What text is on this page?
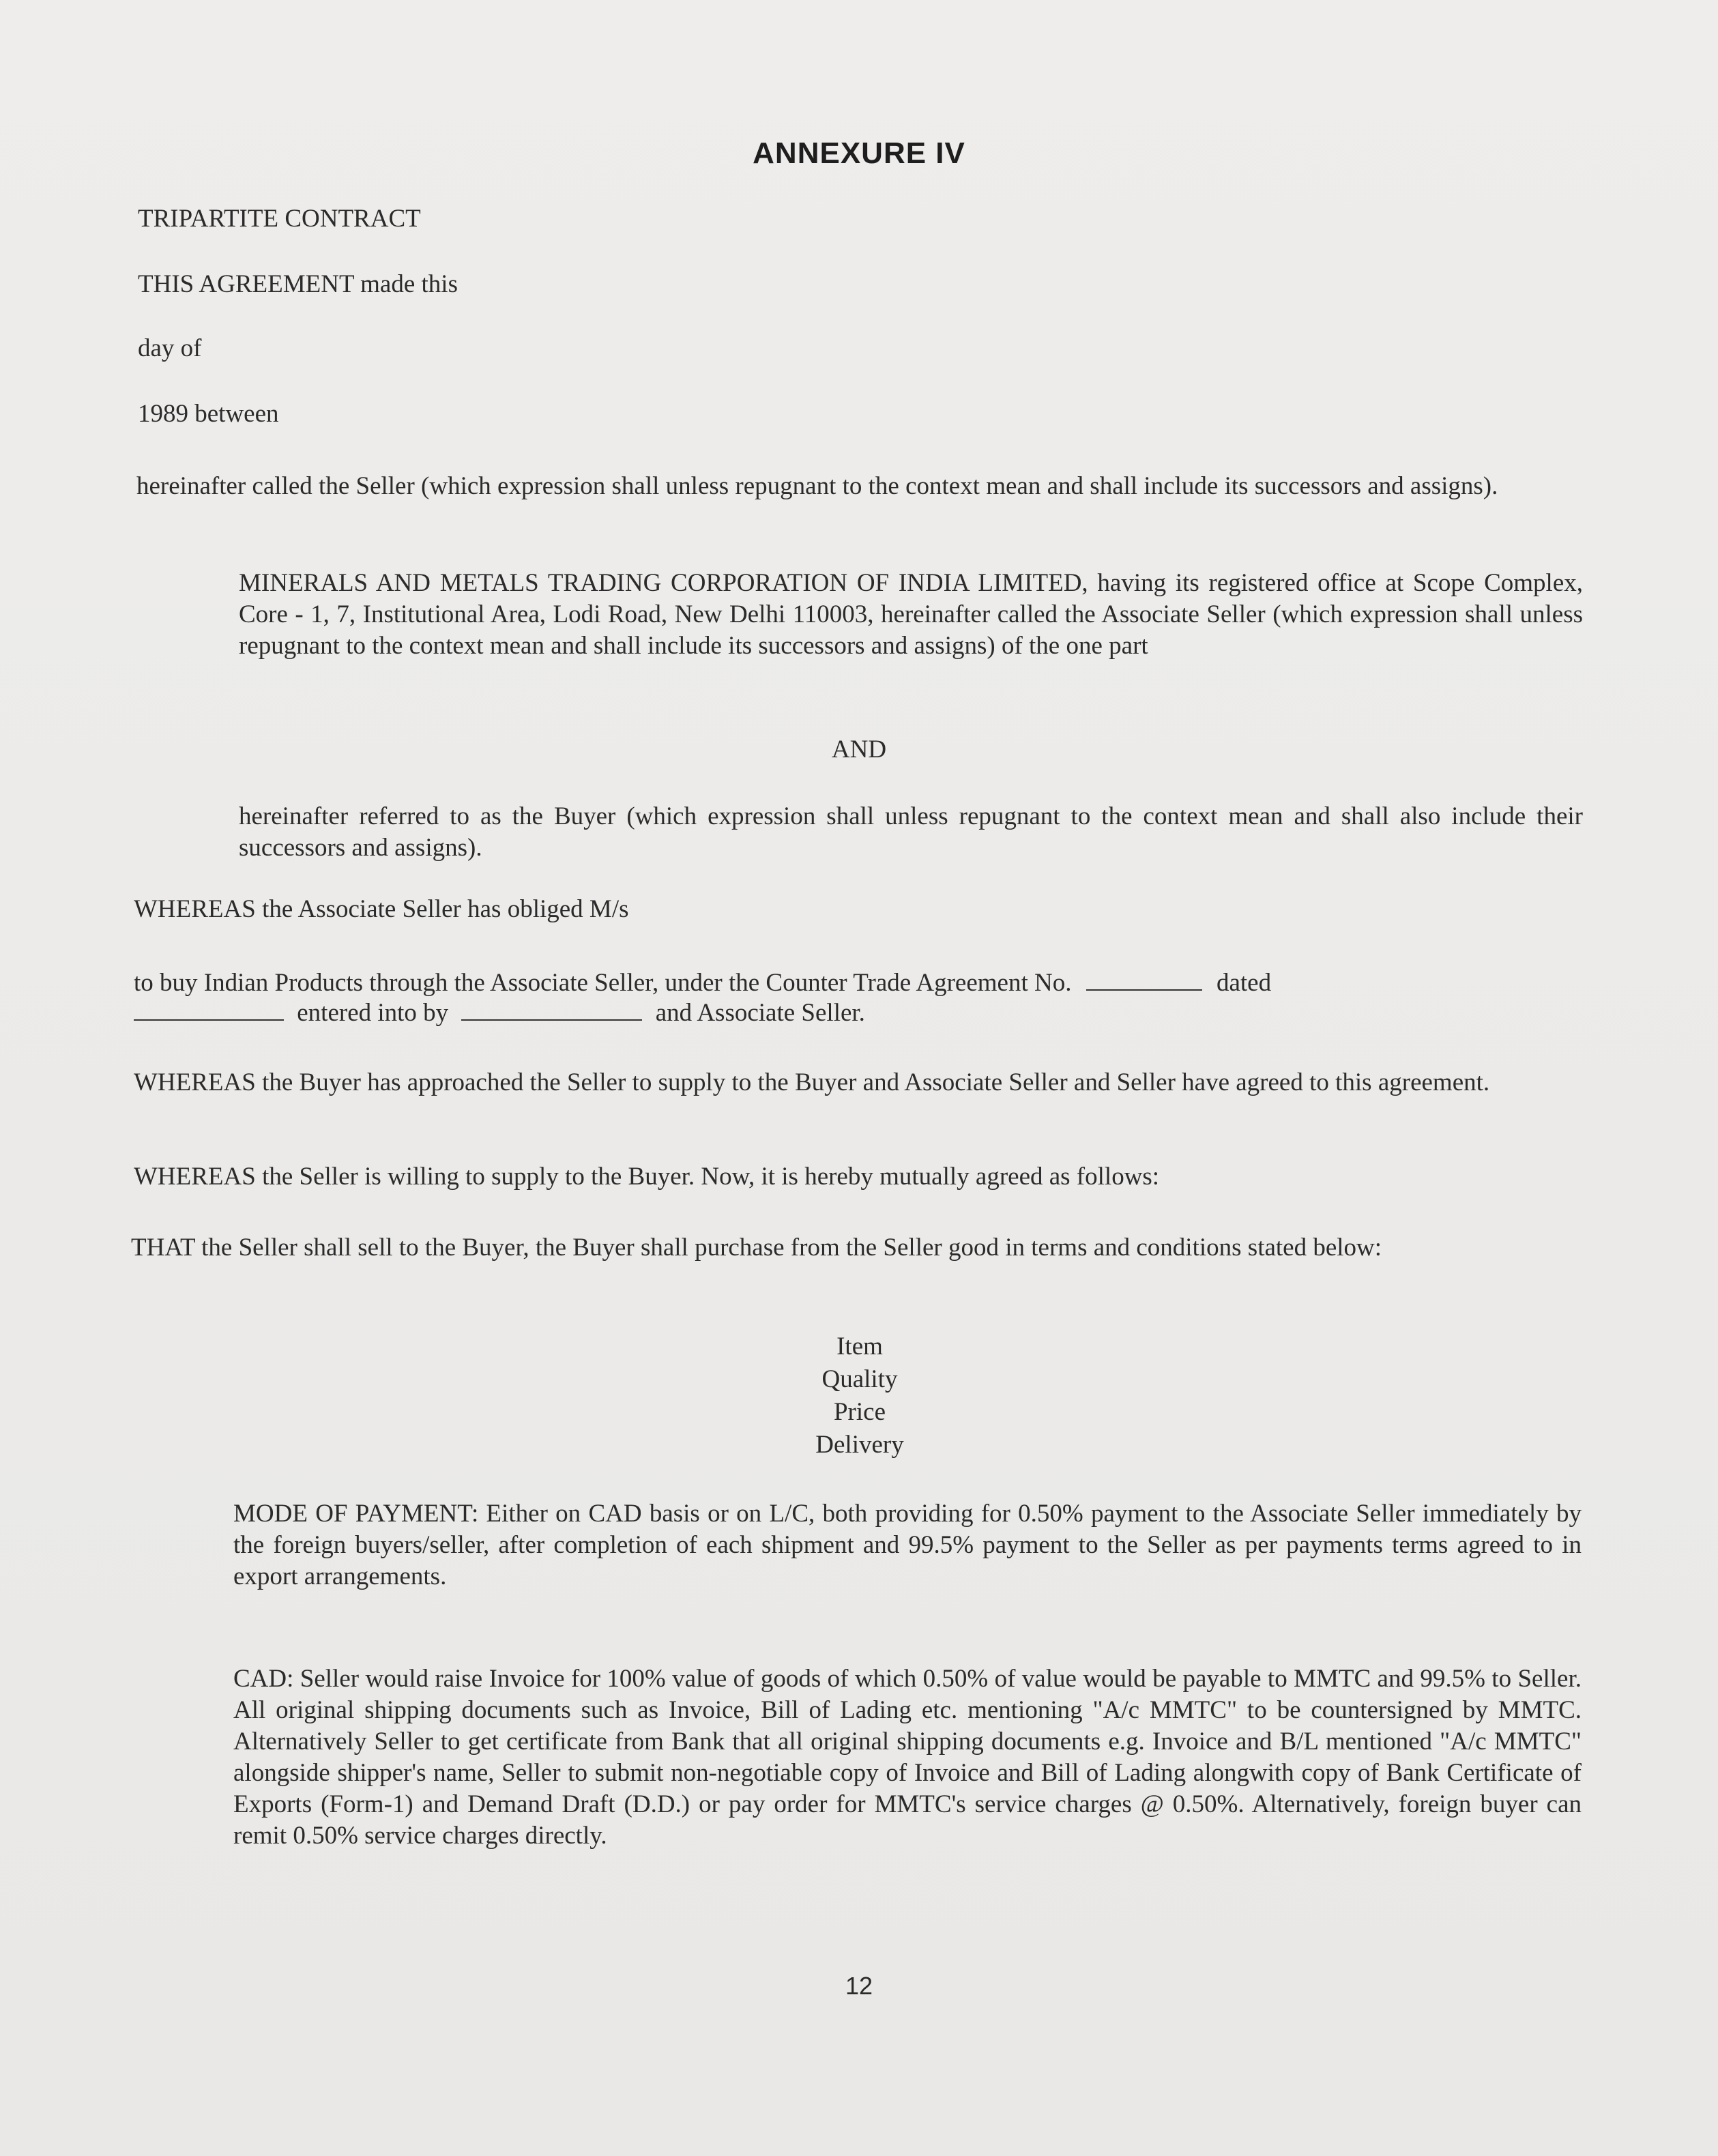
ANNEXURE IV
TRIPARTITE CONTRACT
THIS AGREEMENT made this
day of
1989 between
hereinafter called the Seller (which expression shall unless repugnant to the context mean and shall include its successors and assigns).
MINERALS AND METALS TRADING CORPORATION OF INDIA LIMITED, having its registered office at Scope Complex, Core - 1, 7, Institutional Area, Lodi Road, New Delhi 110003, hereinafter called the Associate Seller (which expression shall unless repugnant to the context mean and shall include its successors and assigns) of the one part
AND
hereinafter referred to as the Buyer (which expression shall unless repugnant to the context mean and shall also include their successors and assigns).
WHEREAS the Associate Seller has obliged M/s
to buy Indian Products through the Associate Seller, under the Counter Trade Agreement No.	dated
entered into by	and Associate Seller.
WHEREAS the Buyer has approached the Seller to supply to the Buyer and Associate Seller and Seller have agreed to this agreement.
WHEREAS the Seller is willing to supply to the Buyer. Now, it is hereby mutually agreed as follows:
THAT the Seller shall sell to the Buyer, the Buyer shall purchase from the Seller good in terms and conditions stated below:
Item
Quality
Price
Delivery
MODE OF PAYMENT: Either on CAD basis or on L/C, both providing for 0.50% payment to the Associate Seller immediately by the foreign buyers/seller, after completion of each shipment and 99.5% payment to the Seller as per payments terms agreed to in export arrangements.
CAD: Seller would raise Invoice for 100% value of goods of which 0.50% of value would be payable to MMTC and 99.5% to Seller. All original shipping documents such as Invoice, Bill of Lading etc. mentioning "A/c MMTC" to be countersigned by MMTC. Alternatively Seller to get certificate from Bank that all original shipping documents e.g. Invoice and B/L mentioned "A/c MMTC" alongside shipper's name, Seller to submit non-negotiable copy of Invoice and Bill of Lading alongwith copy of Bank Certificate of Exports (Form-1) and Demand Draft (D.D.) or pay order for MMTC's service charges @ 0.50%. Alternatively, foreign buyer can remit 0.50% service charges directly.
12
